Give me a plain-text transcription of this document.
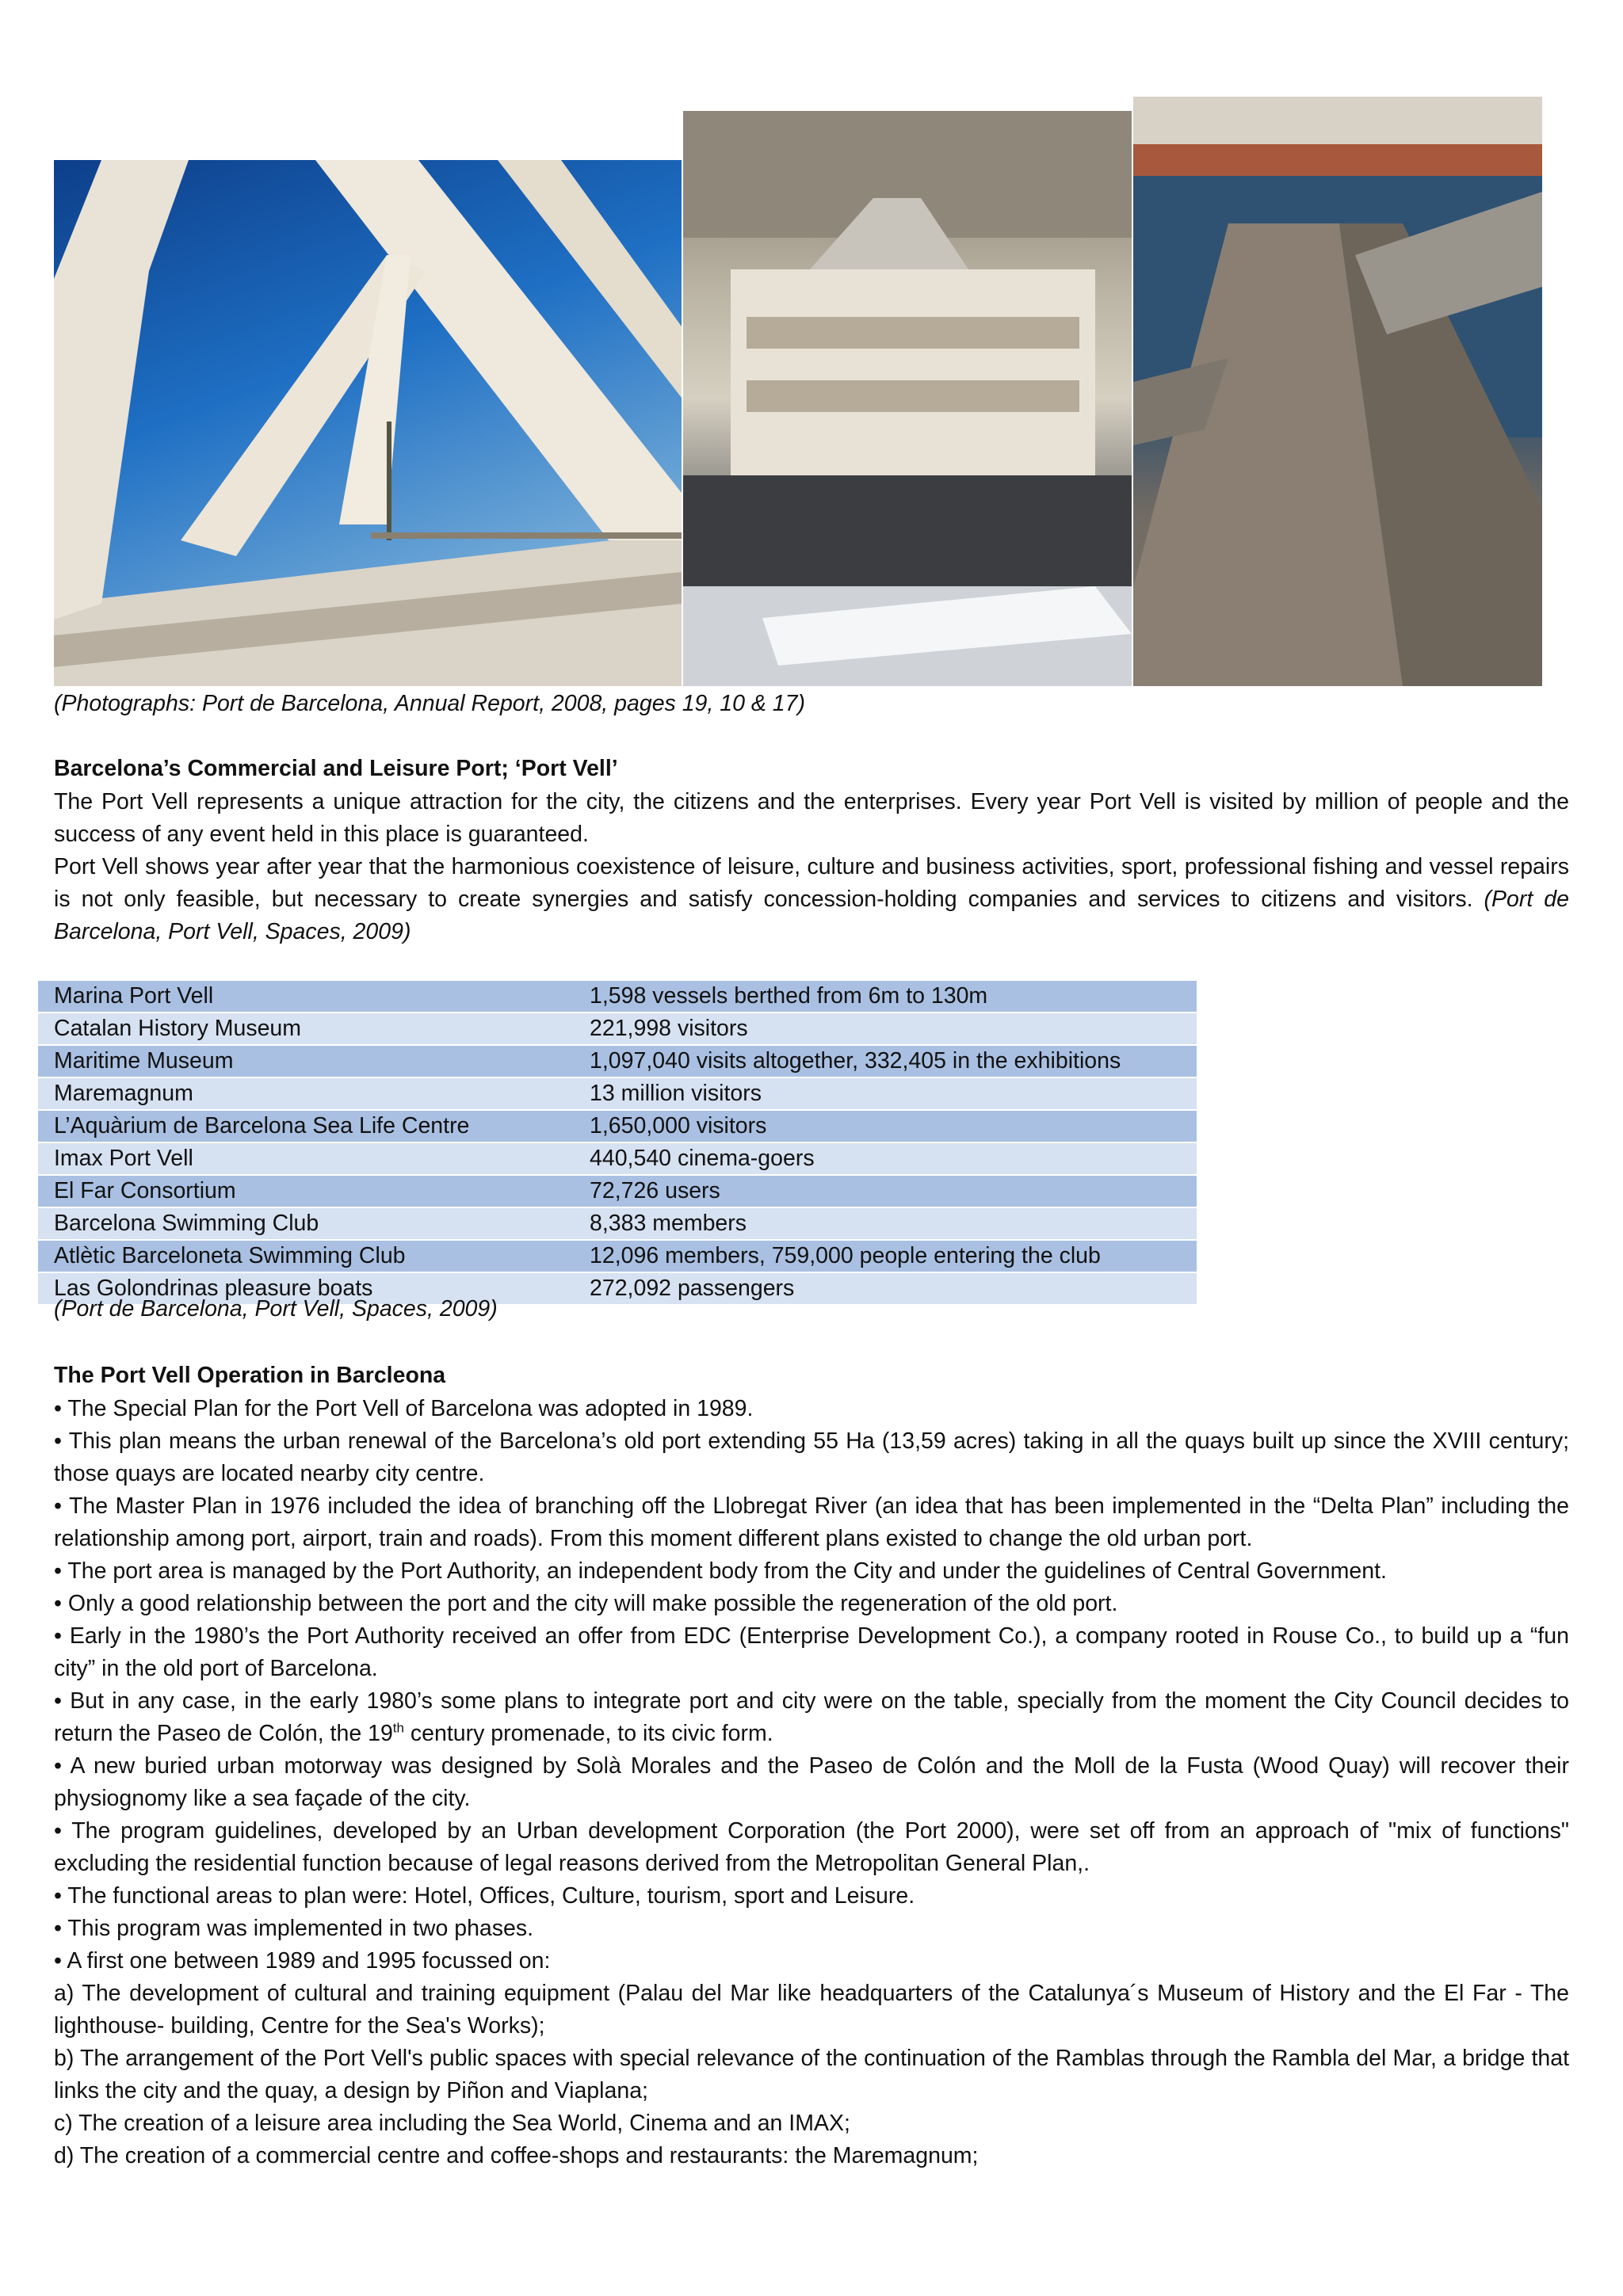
(Photographs: Port de Barcelona, Annual Report, 2008, pages 19, 10 & 17)
Barcelona’s Commercial and Leisure Port; ‘Port Vell’

The Port Vell represents a unique attraction for the city, the citizens and the enterprises. Every year Port Vell is visited by million of people and the success of any event held in this place is guaranteed.

Port Vell shows year after year that the harmonious coexistence of leisure, culture and business activities, sport, professional fishing and vessel repairs is not only feasible, but necessary to create synergies and satisfy concession-holding companies and services to citizens and visitors. (Port de Barcelona, Port Vell, Spaces, 2009)

Marina Port Vell	1,598 vessels berthed from 6m to 130m
Catalan History Museum	221,998 visitors
Maritime Museum	1,097,040 visits altogether, 332,405 in the exhibitions
Maremagnum	13 million visitors
L’Aquàrium de Barcelona Sea Life Centre	1,650,000 visitors
Imax Port Vell	440,540 cinema-goers
El Far Consortium	72,726 users
Barcelona Swimming Club	8,383 members
Atlètic Barceloneta Swimming Club	12,096 members, 759,000 people entering the club
Las Golondrinas pleasure boats	272,092 passengers
(Port de Barcelona, Port Vell, Spaces, 2009)
The Port Vell Operation in Barcleona

• The Special Plan for the Port Vell of Barcelona was adopted in 1989.

• This plan means the urban renewal of the Barcelona’s old port extending 55 Ha (13,59 acres) taking in all the quays built up since the XVIII century; those quays are located nearby city centre.

• The Master Plan in 1976 included the idea of branching off the Llobregat River (an idea that has been implemented in the “Delta Plan” including the relationship among port, airport, train and roads). From this moment different plans existed to change the old urban port.

• The port area is managed by the Port Authority, an independent body from the City and under the guidelines of Central Government.

• Only a good relationship between the port and the city will make possible the regeneration of the old port.

• Early in the 1980’s the Port Authority received an offer from EDC (Enterprise Development Co.), a company rooted in Rouse Co., to build up a “fun city” in the old port of Barcelona.

• But in any case, in the early 1980’s some plans to integrate port and city were on the table, specially from the moment the City Council decides to return the Paseo de Colón, the 19th century promenade, to its civic form.

• A new buried urban motorway was designed by Solà Morales and the Paseo de Colón and the Moll de la Fusta (Wood Quay) will recover their physiognomy like a sea façade of the city.

• The program guidelines, developed by an Urban development Corporation (the Port 2000), were set off from an approach of "mix of functions" excluding the residential function because of legal reasons derived from the Metropolitan General Plan,.

• The functional areas to plan were: Hotel, Offices, Culture, tourism, sport and Leisure.

• This program was implemented in two phases.

• A first one between 1989 and 1995 focussed on:

a) The development of cultural and training equipment (Palau del Mar like headquarters of the Catalunya´s Museum of History and the El Far - The lighthouse- building, Centre for the Sea's Works);

b) The arrangement of the Port Vell's public spaces with special relevance of the continuation of the Ramblas through the Rambla del Mar, a bridge that links the city and the quay, a design by Piñon and Viaplana;

c) The creation of a leisure area including the Sea World, Cinema and an IMAX;

d) The creation of a commercial centre and coffee-shops and restaurants: the Maremagnum;
